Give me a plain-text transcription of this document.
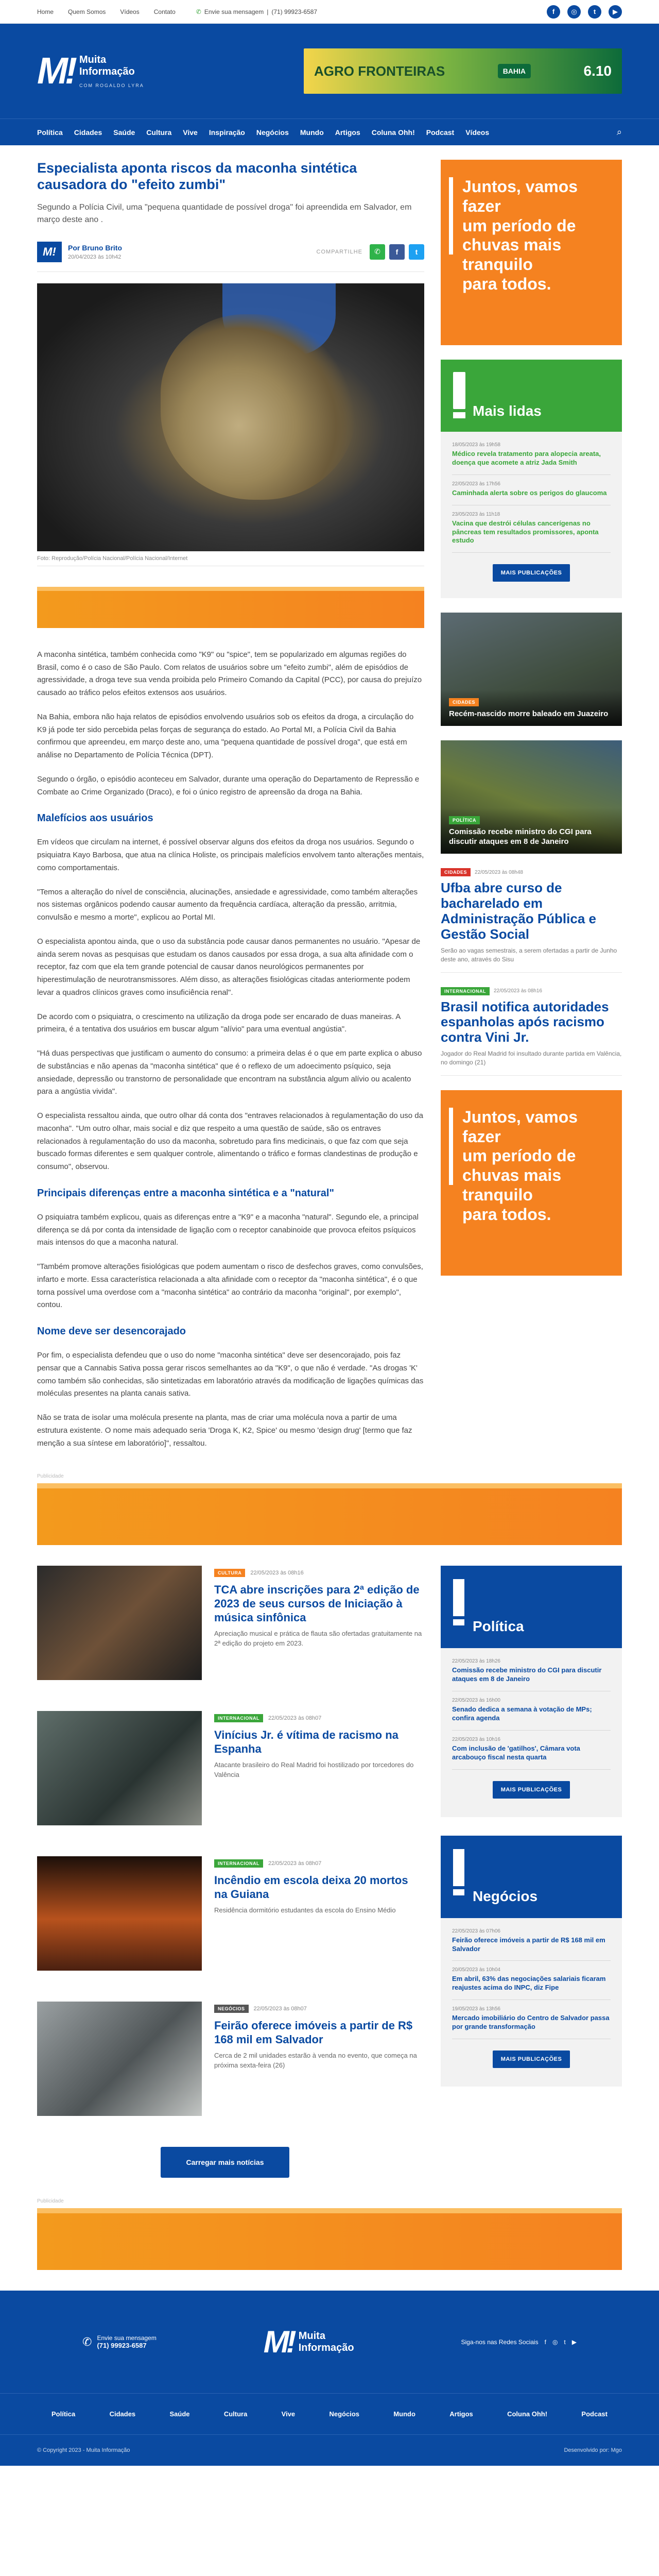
Home Quem Somos Vídeos Contato	✆ Envie sua mensagem | (71) 99923-6587	f	◎	t	▶
M! Muita
Informação
COM ROGALDO LYRA
AGRO FRONTEIRAS	BAHIA	6.10
Política Cidades Saúde Cultura Vive Inspiração Negócios Mundo Artigos Coluna Ohh! Podcast Vídeos	⌕
Especialista aponta riscos da maconha sintética causadora do "efeito zumbi"

Segundo a Polícia Civil, uma "pequena quantidade de possível droga" foi apreendida em Salvador, em março deste ano .

M!	Por Bruno Brito
20/04/2023 às 10h42
COMPARTILHE	✆	f	t
Foto: Reprodução/Polícia Nacional/Polícia Nacional/Internet

A maconha sintética, também conhecida como "K9" ou "spice", tem se popularizado em algumas regiões do Brasil, como é o caso de São Paulo. Com relatos de usuários sobre um "efeito zumbi", além de episódios de agressividade, a droga teve sua venda proibida pelo Primeiro Comando da Capital (PCC), por causa do prejuízo causado ao tráfico pelos efeitos extensos aos usuários.

Na Bahia, embora não haja relatos de episódios envolvendo usuários sob os efeitos da droga, a circulação do K9 já pode ter sido percebida pelas forças de segurança do estado. Ao Portal MI, a Polícia Civil da Bahia confirmou que apreendeu, em março deste ano, uma "pequena quantidade de possível droga", que está em análise no Departamento de Polícia Técnica (DPT).

Segundo o órgão, o episódio aconteceu em Salvador, durante uma operação do Departamento de Repressão e Combate ao Crime Organizado (Draco), e foi o único registro de apreensão da droga na Bahia.

Malefícios aos usuários

Em vídeos que circulam na internet, é possível observar alguns dos efeitos da droga nos usuários. Segundo o psiquiatra Kayo Barbosa, que atua na clínica Holiste, os principais malefícios envolvem tanto alterações mentais, como comportamentais.

"Temos a alteração do nível de consciência, alucinações, ansiedade e agressividade, como também alterações nos sistemas orgânicos podendo causar aumento da frequência cardíaca, alteração da pressão, arritmia, convulsão e mesmo a morte", explicou ao Portal MI.

O especialista apontou ainda, que o uso da substância pode causar danos permanentes no usuário. "Apesar de ainda serem novas as pesquisas que estudam os danos causados por essa droga, a sua alta afinidade com o receptor, faz com que ela tem grande potencial de causar danos neurológicos permanentes por hiperestimulação de neurotransmissores. Além disso, as alterações fisiológicas citadas anteriormente podem levar a quadros clínicos graves como insuficiência renal".

De acordo com o psiquiatra, o crescimento na utilização da droga pode ser encarado de duas maneiras. A primeira, é a tentativa dos usuários em buscar algum "alívio" para uma eventual angústia".

"Há duas perspectivas que justificam o aumento do consumo: a primeira delas é o que em parte explica o abuso de substâncias e não apenas da "maconha sintética" que é o reflexo de um adoecimento psíquico, seja ansiedade, depressão ou transtorno de personalidade que encontram na substância algum alívio ou acalento para a angústia vivida".

O especialista ressaltou ainda, que outro olhar dá conta dos "entraves relacionados à regulamentação do uso da maconha". "Um outro olhar, mais social e diz que respeito a uma questão de saúde, são os entraves relacionados à regulamentação do uso da maconha, sobretudo para fins medicinais, o que faz com que seja buscado formas diferentes e sem qualquer controle, alimentando o tráfico e formas clandestinas de produção e consumo", observou.

Principais diferenças entre a maconha sintética e a "natural"

O psiquiatra também explicou, quais as diferenças entre a "K9" e a maconha "natural". Segundo ele, a principal diferença se dá por conta da intensidade de ligação com o receptor canabinoide que provoca efeitos psíquicos mais intensos do que a maconha natural.

"Também promove alterações fisiológicas que podem aumentam o risco de desfechos graves, como convulsões, infarto e morte. Essa característica relacionada a alta afinidade com o receptor da "maconha sintética", é o que torna possível uma overdose com a "maconha sintética" ao contrário da maconha "original", por exemplo", contou.

Nome deve ser desencorajado

Por fim, o especialista defendeu que o uso do nome "maconha sintética" deve ser desencorajado, pois faz pensar que a Cannabis Sativa possa gerar riscos semelhantes ao da "K9", o que não é verdade. "As drogas 'K' como também são conhecidas, são sintetizadas em laboratório através da modificação de ligações químicas das moléculas presentes na planta canais sativa.

Não se trata de isolar uma molécula presente na planta, mas de criar uma molécula nova a partir de uma estrutura existente. O nome mais adequado seria 'Droga K, K2, Spice' ou mesmo 'design drug' [termo que faz menção a sua síntese em laboratório]", ressaltou.

Juntos, vamos fazer
um período de
chuvas mais tranquilo
para todos.
Mais lidas
18/05/2023 às 19h58
Médico revela tratamento para alopecia areata, doença que acomete a atriz Jada Smith
22/05/2023 às 17h56
Caminhada alerta sobre os perigos do glaucoma
23/05/2023 às 11h18
Vacina que destrói células cancerígenas no pâncreas tem resultados promissores, aponta estudo
MAIS PUBLICAÇÕES
CIDADES
Recém-nascido morre baleado em Juazeiro
POLÍTICA
Comissão recebe ministro do CGI para discutir ataques em 8 de Janeiro
CIDADES	22/05/2023 às 08h48
Ufba abre curso de bacharelado em Administração Pública e Gestão Social
Serão ao vagas semestrais, a serem ofertadas a partir de Junho deste ano, através do Sisu
INTERNACIONAL	22/05/2023 às 08h16
Brasil notifica autoridades espanholas após racismo contra Vini Jr.
Jogador do Real Madrid foi insultado durante partida em Valência, no domingo (21)
Juntos, vamos fazer
um período de
chuvas mais tranquilo
para todos.
Publicidade
CULTURA	22/05/2023 às 08h16
TCA abre inscrições para 2ª edição de 2023 de seus cursos de Iniciação à música sinfônica
Apreciação musical e prática de flauta são ofertadas gratuitamente na 2ª edição do projeto em 2023.
INTERNACIONAL	22/05/2023 às 08h07
Vinícius Jr. é vítima de racismo na Espanha
Atacante brasileiro do Real Madrid foi hostilizado por torcedores do Valência
INTERNACIONAL	22/05/2023 às 08h07
Incêndio em escola deixa 20 mortos na Guiana
Residência dormitório estudantes da escola do Ensino Médio
NEGÓCIOS	22/05/2023 às 08h07
Feirão oferece imóveis a partir de R$ 168 mil em Salvador
Cerca de 2 mil unidades estarão à venda no evento, que começa na próxima sexta-feira (26)
Carregar mais notícias
Política
22/05/2023 às 18h26
Comissão recebe ministro do CGI para discutir ataques em 8 de Janeiro
22/05/2023 às 16h00
Senado dedica a semana à votação de MPs; confira agenda
22/05/2023 às 10h16
Com inclusão de 'gatilhos', Câmara vota arcabouço fiscal nesta quarta
MAIS PUBLICAÇÕES
Negócios
22/05/2023 às 07h06
Feirão oferece imóveis a partir de R$ 168 mil em Salvador
20/05/2023 às 10h04
Em abril, 63% das negociações salariais ficaram reajustes acima do INPC, diz Fipe
19/05/2023 às 13h56
Mercado imobiliário do Centro de Salvador passa por grande transformação
MAIS PUBLICAÇÕES
Publicidade
✆ Envie sua mensagem
(71) 99923-6587	M! Muita
Informação	Siga-nos nas Redes Sociais f ◎ t ▶
Política	Cidades	Saúde	Cultura	Vive	Negócios	Mundo	Artigos	Coluna Ohh!	Podcast
© Copyright 2023 - Muita Informação	Desenvolvido por: Mgo
